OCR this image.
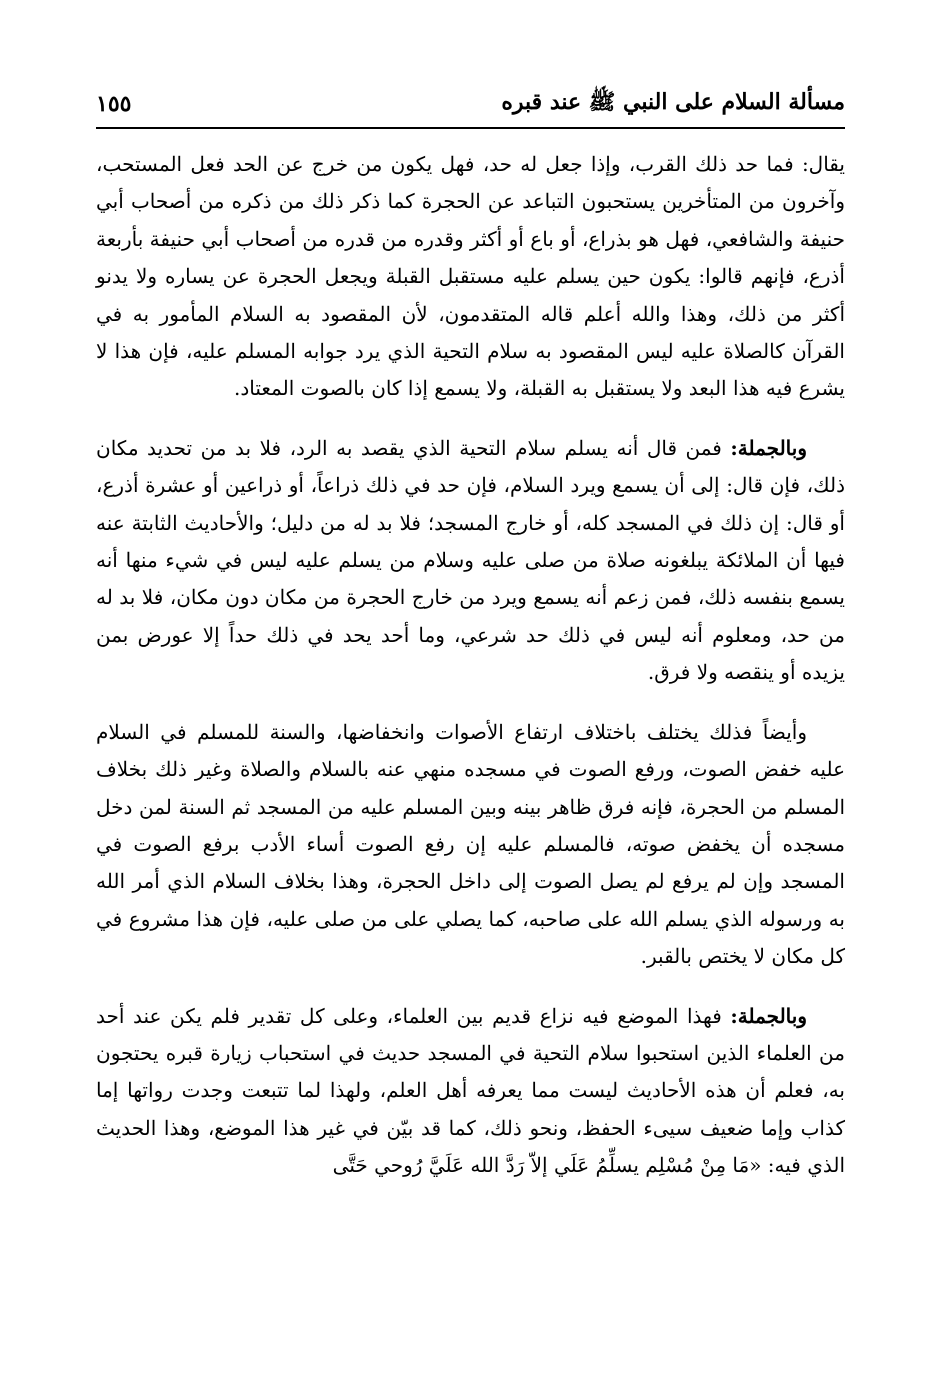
مسألة السلام على النبي ﷺ عند قبره
١٥٥

يقال: فما حد ذلك القرب، وإذا جعل له حد، فهل يكون من خرج عن الحد فعل المستحب، وآخرون من المتأخرين يستحبون التباعد عن الحجرة كما ذكر ذلك من ذكره من أصحاب أبي حنيفة والشافعي، فهل هو بذراع، أو باع أو أكثر وقدره من قدره من أصحاب أبي حنيفة بأربعة أذرع، فإنهم قالوا: يكون حين يسلم عليه مستقبل القبلة ويجعل الحجرة عن يساره ولا يدنو أكثر من ذلك، وهذا والله أعلم قاله المتقدمون، لأن المقصود به السلام المأمور به في القرآن كالصلاة عليه ليس المقصود به سلام التحية الذي يرد جوابه المسلم عليه، فإن هذا لا يشرع فيه هذا البعد ولا يستقبل به القبلة، ولا يسمع إذا كان بالصوت المعتاد.

وبالجملة: فمن قال أنه يسلم سلام التحية الذي يقصد به الرد، فلا بد من تحديد مكان ذلك، فإن قال: إلى أن يسمع ويرد السلام، فإن حد في ذلك ذراعاً، أو ذراعين أو عشرة أذرع، أو قال: إن ذلك في المسجد كله، أو خارج المسجد؛ فلا بد له من دليل؛ والأحاديث الثابتة عنه فيها أن الملائكة يبلغونه صلاة من صلى عليه وسلام من يسلم عليه ليس في شيء منها أنه يسمع بنفسه ذلك، فمن زعم أنه يسمع ويرد من خارج الحجرة من مكان دون مكان، فلا بد له من حد، ومعلوم أنه ليس في ذلك حد شرعي، وما أحد يحد في ذلك حداً إلا عورض بمن يزيده أو ينقصه ولا فرق.

وأيضاً فذلك يختلف باختلاف ارتفاع الأصوات وانخفاضها، والسنة للمسلم في السلام عليه خفض الصوت، ورفع الصوت في مسجده منهي عنه بالسلام والصلاة وغير ذلك بخلاف المسلم من الحجرة، فإنه فرق ظاهر بينه وبين المسلم عليه من المسجد ثم السنة لمن دخل مسجده أن يخفض صوته، فالمسلم عليه إن رفع الصوت أساء الأدب برفع الصوت في المسجد وإن لم يرفع لم يصل الصوت إلى داخل الحجرة، وهذا بخلاف السلام الذي أمر الله به ورسوله الذي يسلم الله على صاحبه، كما يصلي على من صلى عليه، فإن هذا مشروع في كل مكان لا يختص بالقبر.

وبالجملة: فهذا الموضع فيه نزاع قديم بين العلماء، وعلى كل تقدير فلم يكن عند أحد من العلماء الذين استحبوا سلام التحية في المسجد حديث في استحباب زيارة قبره يحتجون به، فعلم أن هذه الأحاديث ليست مما يعرفه أهل العلم، ولهذا لما تتبعت وجدت رواتها إما كذاب وإما ضعيف سيىء الحفظ، ونحو ذلك، كما قد بيّن في غير هذا الموضع، وهذا الحديث الذي فيه: «مَا مِنْ مُسْلِم يسلِّمُ عَلَي إلاّ رَدَّ الله عَلَيَّ رُوحي حَتَّى
